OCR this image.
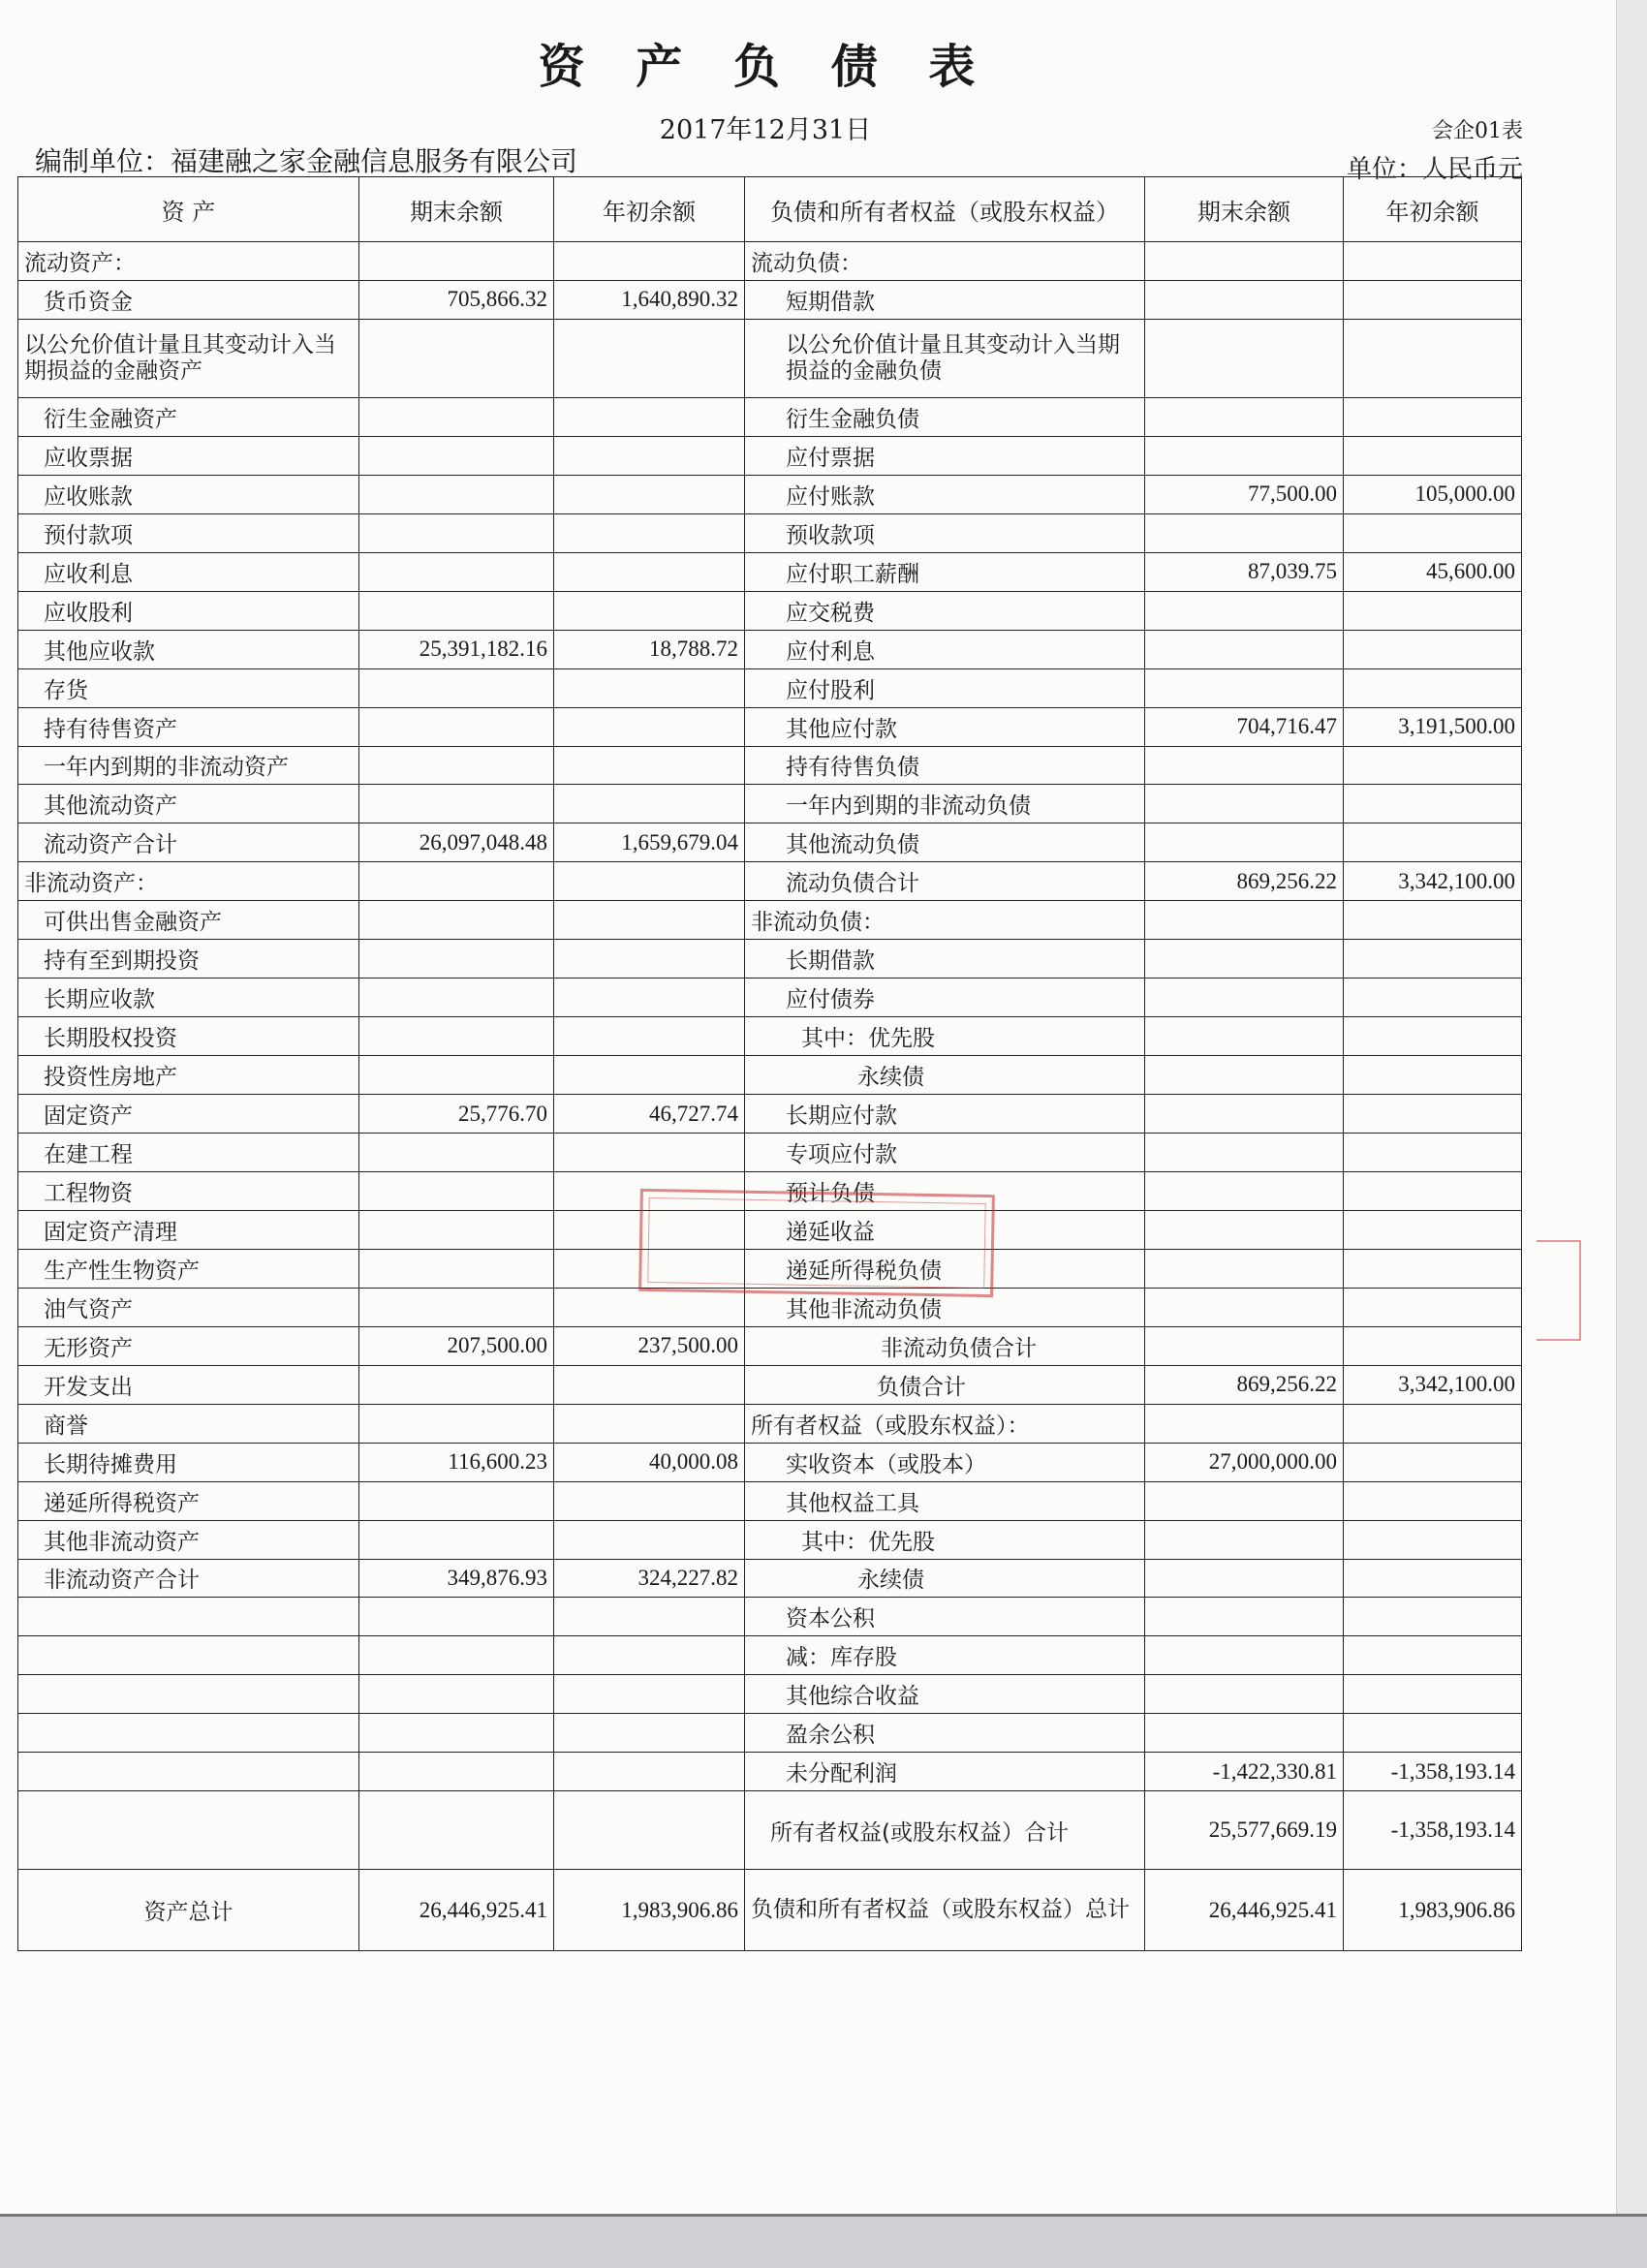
资 产 负 债 表
2017年12月31日	会企01表
编制单位：福建融之家金融信息服务有限公司	单位：人民币元
资 产	期末余额	年初余额	负债和所有者权益（或股东权益）	期末余额	年初余额
流动资产：			流动负债：		
货币资金	705,866.32	1,640,890.32	短期借款		
以公允价值计量且其变动计入当期损益的金融资产			以公允价值计量且其变动计入当期损益的金融负债		
衍生金融资产			衍生金融负债		
应收票据			应付票据		
应收账款			应付账款	77,500.00	105,000.00
预付款项			预收款项		
应收利息			应付职工薪酬	87,039.75	45,600.00
应收股利			应交税费		
其他应收款	25,391,182.16	18,788.72	应付利息		
存货			应付股利		
持有待售资产			其他应付款	704,716.47	3,191,500.00
一年内到期的非流动资产			持有待售负债		
其他流动资产			一年内到期的非流动负债		
流动资产合计	26,097,048.48	1,659,679.04	其他流动负债		
非流动资产：			流动负债合计	869,256.22	3,342,100.00
可供出售金融资产			非流动负债：		
持有至到期投资			长期借款		
长期应收款			应付债券		
长期股权投资			其中：优先股		
投资性房地产			永续债		
固定资产	25,776.70	46,727.74	长期应付款		
在建工程			专项应付款		
工程物资			预计负债		
固定资产清理			递延收益		
生产性生物资产			递延所得税负债		
油气资产			其他非流动负债		
无形资产	207,500.00	237,500.00	非流动负债合计		
开发支出			负债合计	869,256.22	3,342,100.00
商誉			所有者权益（或股东权益）：		
长期待摊费用	116,600.23	40,000.08	实收资本（或股本）	27,000,000.00	
递延所得税资产			其他权益工具		
其他非流动资产			其中：优先股		
非流动资产合计	349,876.93	324,227.82	永续债		
			资本公积		
			减：库存股		
			其他综合收益		
			盈余公积		
			未分配利润	-1,422,330.81	-1,358,193.14
			所有者权益(或股东权益）合计	25,577,669.19	-1,358,193.14
资产总计	26,446,925.41	1,983,906.86	负债和所有者权益（或股东权益）总计	26,446,925.41	1,983,906.86
